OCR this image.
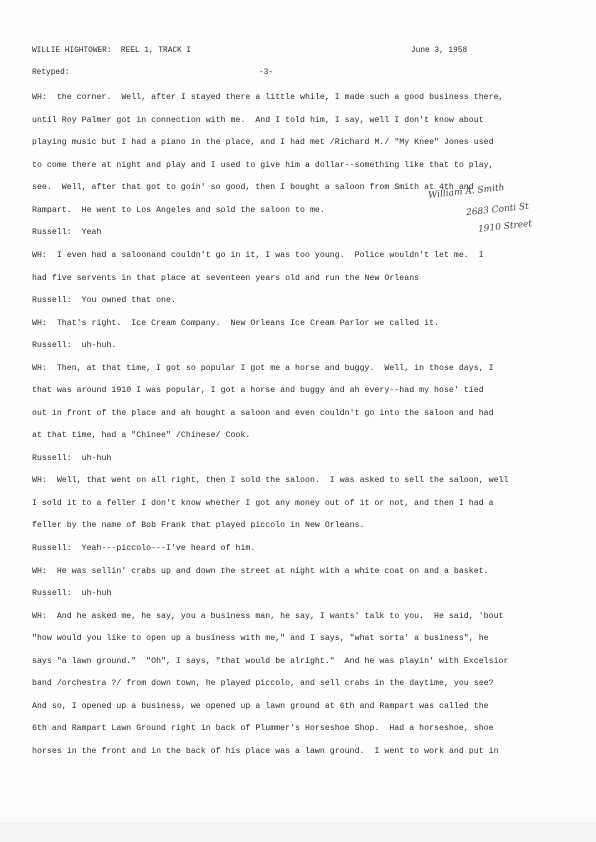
WILLIE HIGHTOWER:  REEL 1, TRACK I	June 3, 1958
Retyped:	-3-
William A. Smith
2683 Conti St
1910 Street
WH:  the corner.  Well, after I stayed there a little while, I made such a good business there,
until Roy Palmer got in connection with me.  And I told him, I say, well I don't know about
playing music but I had a piano in the place, and I had met /Richard M./ "My Knee" Jones used
to come there at night and play and I used to give him a dollar--something like that to play,
see.  Well, after that got to goin' so good, then I bought a saloon from Smith at 4th and
Rampart.  He went to Los Angeles and sold the saloon to me.
Russell:  Yeah
WH:  I even had a saloonand couldn't go in it, I was too young.  Police wouldn't let me.  I
had five servents in that place at seventeen years old and run the New Orleans
Russell:  You owned that one.
WH:  That's right.  Ice Cream Company.  New Orleans Ice Cream Parlor we called it.
Russell:  uh-huh.
WH:  Then, at that time, I got so popular I got me a horse and buggy.  Well, in those days, I
that was around 1910 I was popular, I got a horse and buggy and ah every--had my hose' tied
out in front of the place and ah bought a saloon and even couldn't go into the saloon and had
at that time, had a "Chinee" /Chinese/ Cook.
Russell:  uh-huh
WH:  Well, that went on all right, then I sold the saloon.  I was asked to sell the saloon, well
I sold it to a feller I don't know whether I got any money out of it or not, and then I had a
feller by the name of Bob Frank that played piccolo in New Orleans.
Russell:  Yeah---piccolo---I've heard of him.
WH:  He was sellin' crabs up and down the street at night with a white coat on and a basket.
Russell:  uh-huh
WH:  And he asked me, he say, you a business man, he say, I wants' talk to you.  He said, 'bout
"how would you like to open up a business with me," and I says, "what sorta' a business", he
says "a lawn ground."  "Oh", I says, "that would be alright."  And he was playin' with Excelsior
band /orchestra ?/ from down town, he played piccolo, and sell crabs in the daytime, you see?
And so, I opened up a business, we opened up a lawn ground at 6th and Rampart was called the
6th and Rampart Lawn Ground right in back of Plummer's Horseshoe Shop.  Had a horseshoe, shoe
horses in the front and in the back of his place was a lawn ground.  I went to work and put in
